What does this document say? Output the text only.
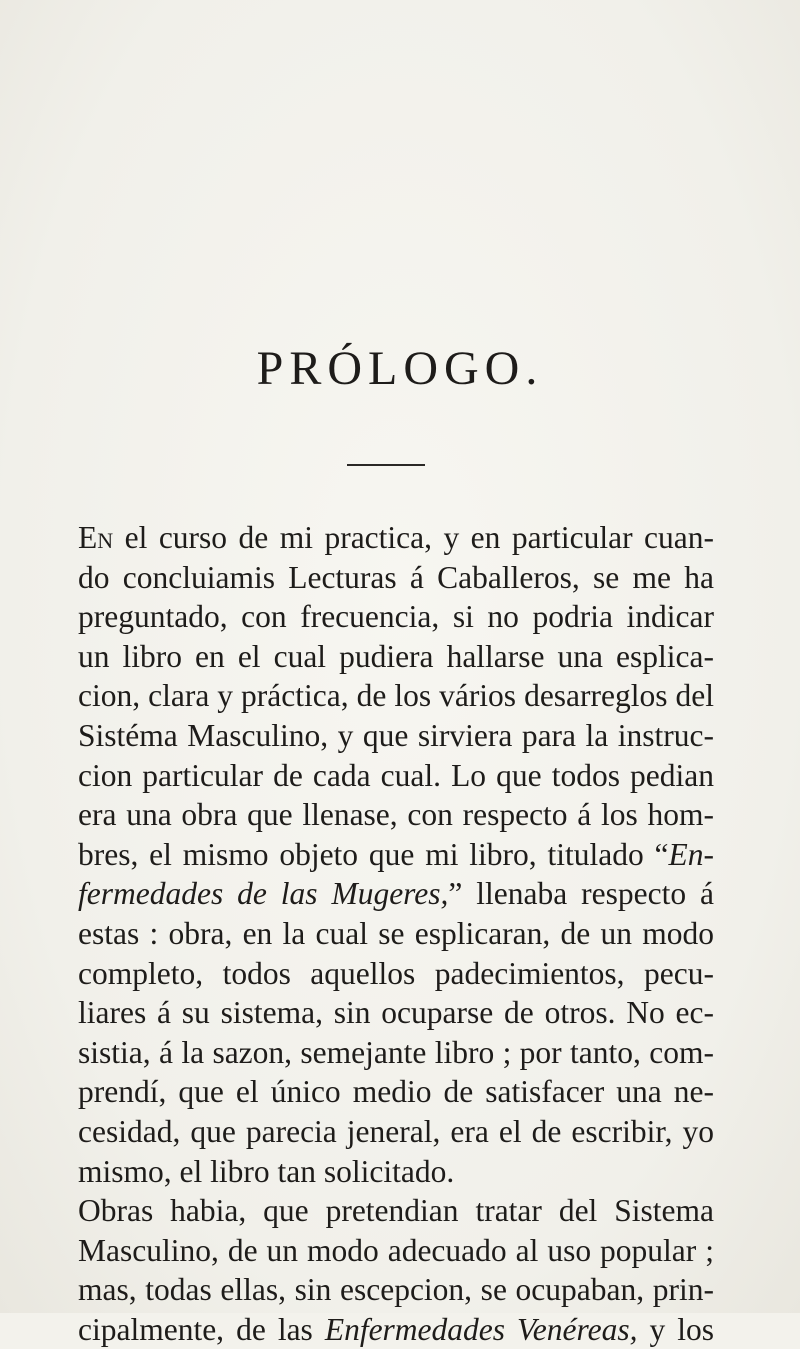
PRÓLOGO.
En el curso de mi practica, y en particular cuan-
do concluiamis Lecturas á Caballeros, se me ha
preguntado, con frecuencia, si no podria indicar
un libro en el cual pudiera hallarse una esplica-
cion, clara y práctica, de los vários desarreglos del
Sistéma Masculino, y que sirviera para la instruc-
cion particular de cada cual. Lo que todos pedian
era una obra que llenase, con respecto á los hom-
bres, el mismo objeto que mi libro, titulado “En-
fermedades de las Mugeres,” llenaba respecto á
estas : obra, en la cual se esplicaran, de un modo
completo, todos aquellos padecimientos, pecu-
liares á su sistema, sin ocuparse de otros. No ec-
sistia, á la sazon, semejante libro ; por tanto, com-
prendí, que el único medio de satisfacer una ne-
cesidad, que parecia jeneral, era el de escribir, yo
mismo, el libro tan solicitado.
Obras habia, que pretendian tratar del Sistema
Masculino, de un modo adecuado al uso popular ;
mas, todas ellas, sin escepcion, se ocupaban, prin-
cipalmente, de las Enfermedades Venéreas, y los
